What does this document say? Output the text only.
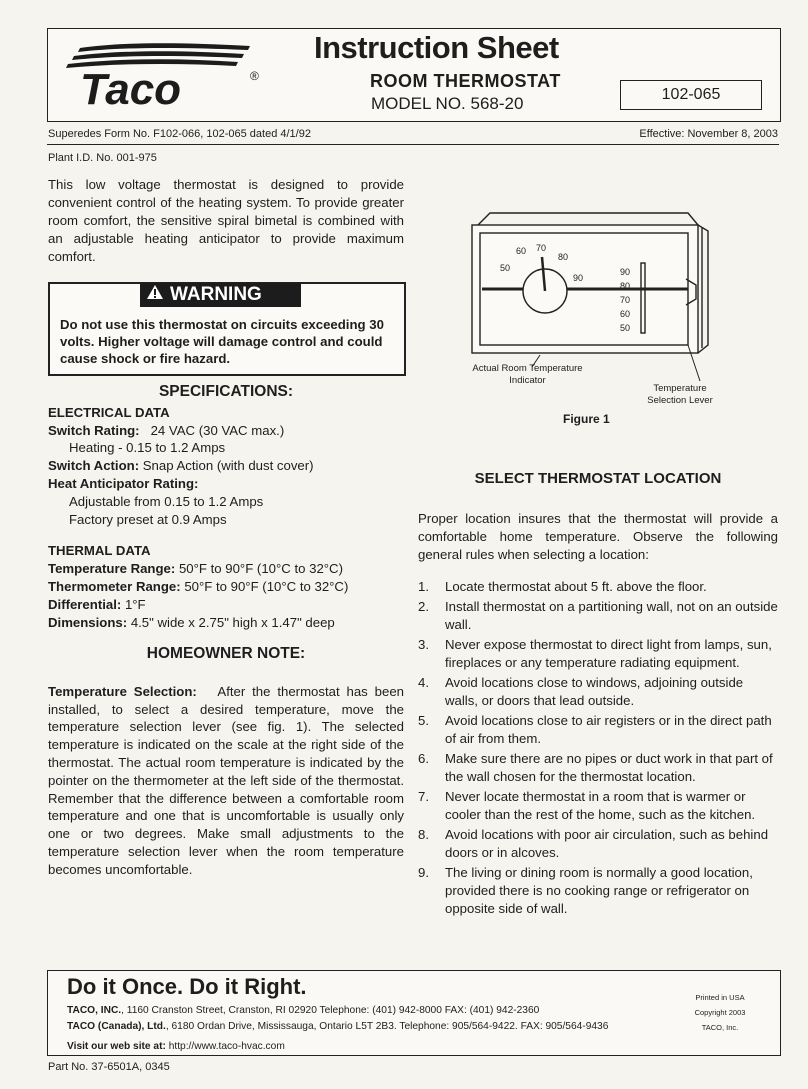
Taco	®
Instruction Sheet
ROOM THERMOSTAT
MODEL NO. 568-20	102-065
Superedes Form No. F102-066, 102-065 dated 4/1/92	Effective: November 8, 2003
Plant I.D. No. 001-975

This low voltage thermostat is designed to provide convenient control of the heating system. To provide greater room comfort, the sensitive spiral bimetal is combined with an adjustable heating anticipator to provide maximum comfort.

WARNING
Do not use this thermostat on circuits exceeding 30 volts. Higher voltage will damage control and could cause shock or fire hazard.
SPECIFICATIONS:
ELECTRICAL DATA
Switch Rating: 24 VAC (30 VAC max.)
Heating - 0.15 to 1.2 Amps
Switch Action: Snap Action (with dust cover)
Heat Anticipator Rating:
Adjustable from 0.15 to 1.2 Amps
Factory preset at 0.9 Amps
THERMAL DATA
Temperature Range: 50°F to 90°F (10°C to 32°C)
Thermometer Range: 50°F to 90°F (10°C to 32°C)
Differential: 1°F
Dimensions: 4.5" wide x 2.75" high x 1.47" deep
HOMEOWNER NOTE:

Temperature Selection: After the thermostat has been installed, to select a desired temperature, move the temperature selection lever (see fig. 1). The selected temperature is indicated on the scale at the right side of the thermostat. The actual room temperature is indicated by the pointer on the thermometer at the left side of the thermostat. Remember that the difference between a comfortable room temperature and one that is uncomfortable is usually only one or two degrees. Make small adjustments to the temperature selection lever when the room temperature becomes uncomfortable.

50
60 70
80
90
90
80
70
60
50
Actual Room Temperature Indicator
Temperature Selection Lever
Figure 1
SELECT THERMOSTAT LOCATION

Proper location insures that the thermostat will provide a comfortable home temperature. Observe the following general rules when selecting a location:

1. Locate thermostat about 5 ft. above the floor.
2. Install thermostat on a partitioning wall, not on an outside wall.
3. Never expose thermostat to direct light from lamps, sun, fireplaces or any temperature radiating equipment.
4. Avoid locations close to windows, adjoining outside walls, or doors that lead outside.
5. Avoid locations close to air registers or in the direct path of air from them.
6. Make sure there are no pipes or duct work in that part of the wall chosen for the thermostat location.
7. Never locate thermostat in a room that is warmer or cooler than the rest of the home, such as the kitchen.
8. Avoid locations with poor air circulation, such as behind doors or in alcoves.
9. The living or dining room is normally a good location, provided there is no cooking range or refrigerator on opposite side of wall.
Do it Once. Do it Right.
TACO, INC., 1160 Cranston Street, Cranston, RI 02920 Telephone: (401) 942-8000 FAX: (401) 942-2360
TACO (Canada), Ltd., 6180 Ordan Drive, Mississauga, Ontario L5T 2B3. Telephone: 905/564-9422. FAX: 905/564-9436
Visit our web site at: http://www.taco-hvac.com
Printed in USA
Copyright 2003
TACO, Inc.
Part No. 37-6501A, 0345
